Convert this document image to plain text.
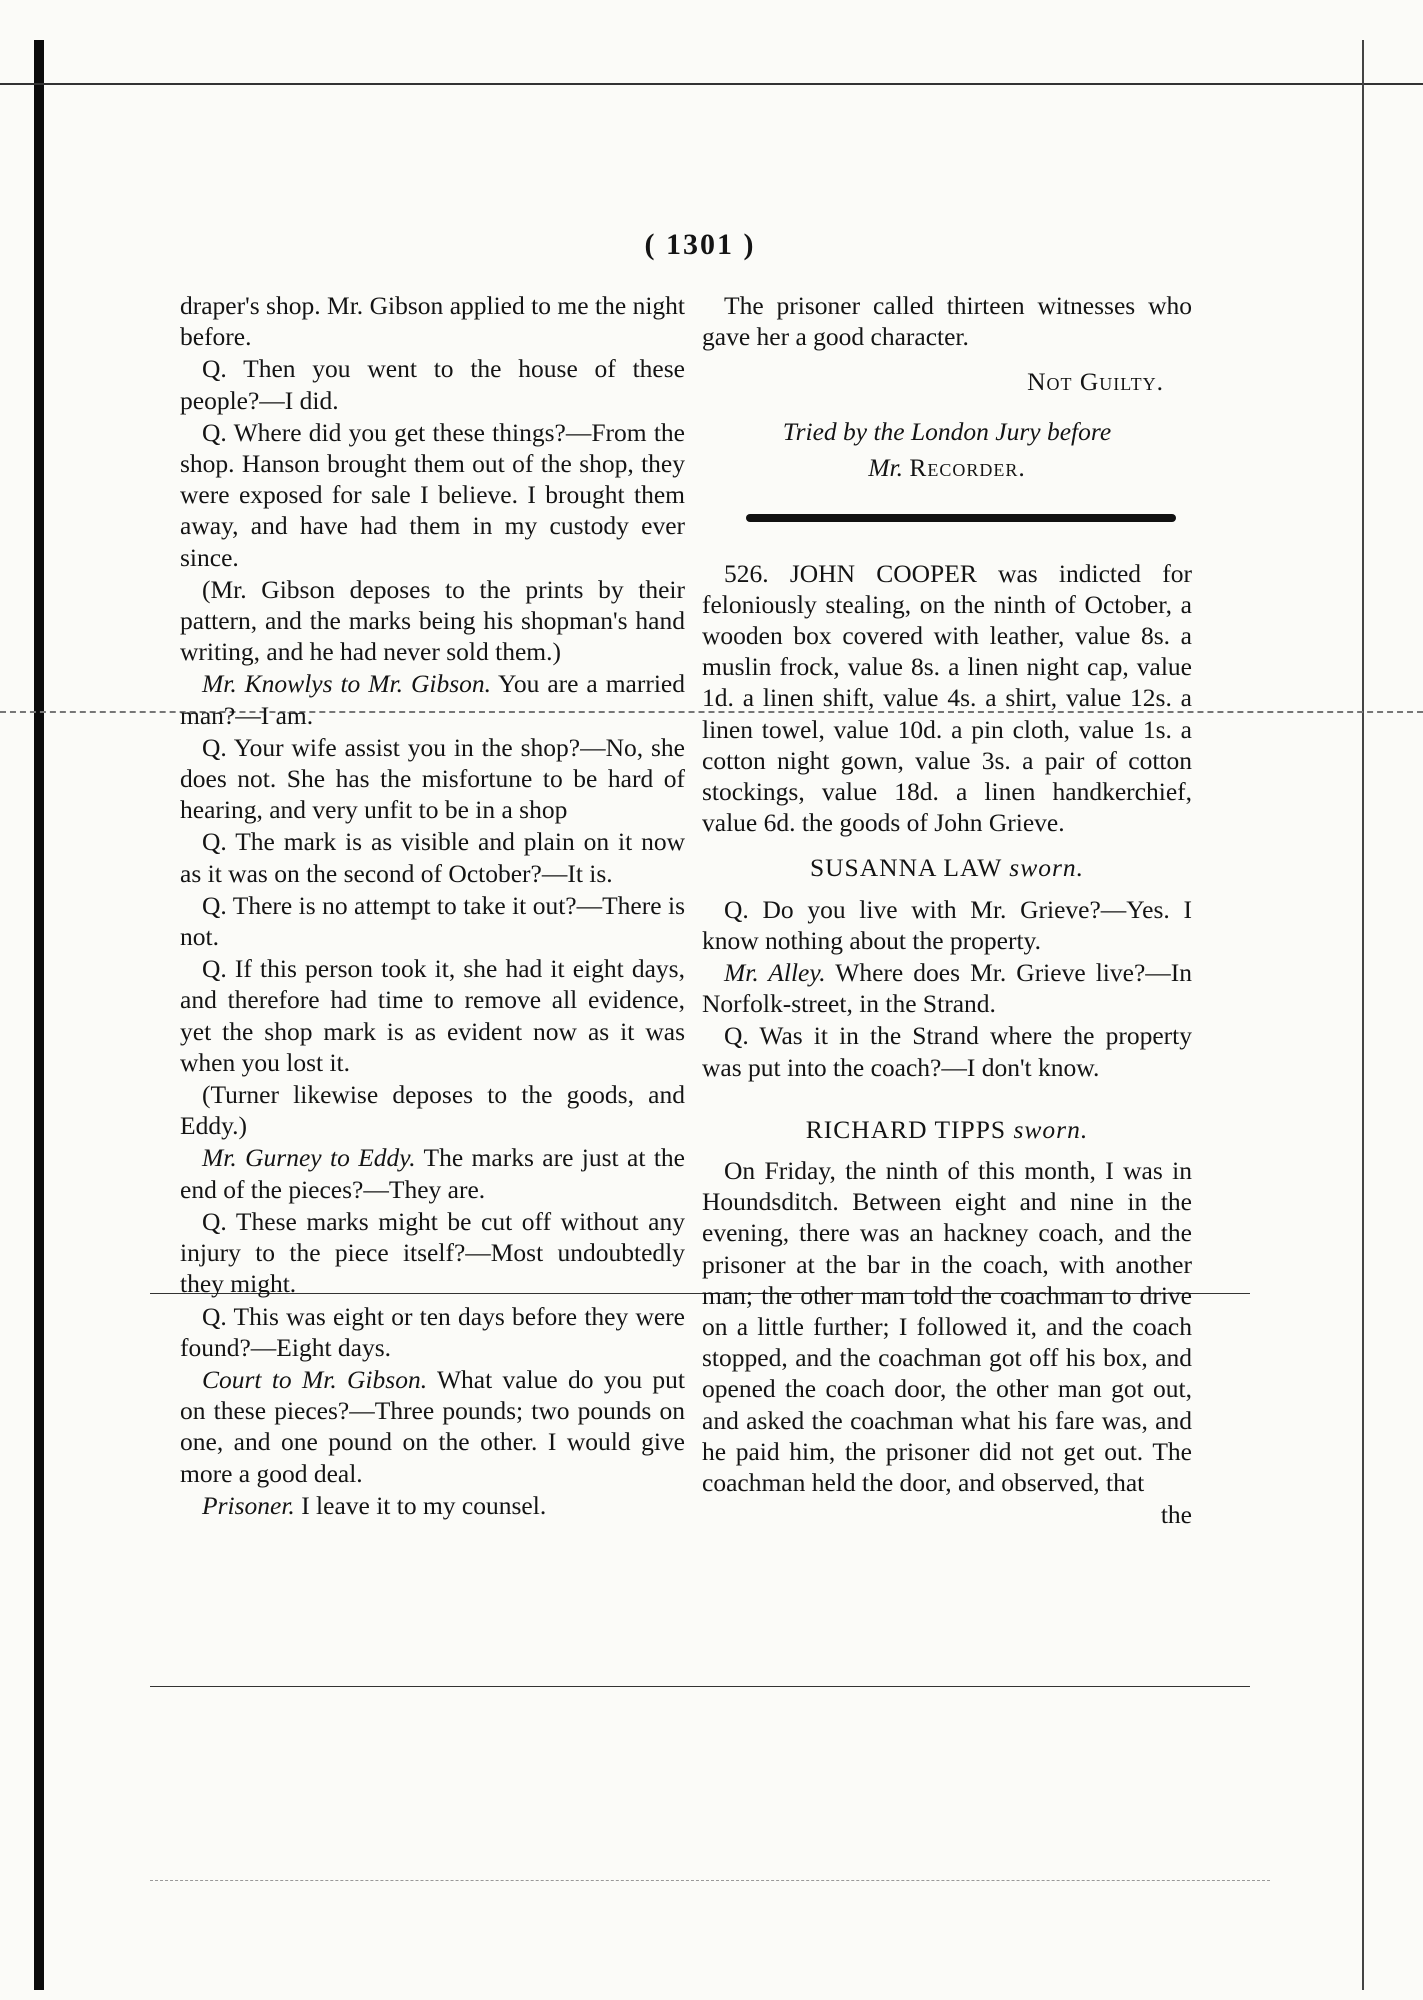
( 1301 )

draper's shop. Mr. Gibson applied to me the night before.

Q. Then you went to the house of these people?—I did.

Q. Where did you get these things?—From the shop. Hanson brought them out of the shop, they were exposed for sale I believe. I brought them away, and have had them in my custody ever since.

(Mr. Gibson deposes to the prints by their pattern, and the marks being his shopman's hand writing, and he had never sold them.)

Mr. Knowlys to Mr. Gibson. You are a married man?—I am.

Q. Your wife assist you in the shop?—No, she does not. She has the misfortune to be hard of hearing, and very unfit to be in a shop

Q. The mark is as visible and plain on it now as it was on the second of October?—It is.

Q. There is no attempt to take it out?—There is not.

Q. If this person took it, she had it eight days, and therefore had time to remove all evidence, yet the shop mark is as evident now as it was when you lost it.

(Turner likewise deposes to the goods, and Eddy.)

Mr. Gurney to Eddy. The marks are just at the end of the pieces?—They are.

Q. These marks might be cut off without any injury to the piece itself?—Most undoubtedly they might.

Q. This was eight or ten days before they were found?—Eight days.

Court to Mr. Gibson. What value do you put on these pieces?—Three pounds; two pounds on one, and one pound on the other. I would give more a good deal.

Prisoner. I leave it to my counsel.

The prisoner called thirteen witnesses who gave her a good character.

Not Guilty.
Tried by the London Jury before
Mr. Recorder.

526. JOHN COOPER was indicted for feloniously stealing, on the ninth of October, a wooden box covered with leather, value 8s. a muslin frock, value 8s. a linen night cap, value 1d. a linen shift, value 4s. a shirt, value 12s. a linen towel, value 10d. a pin cloth, value 1s. a cotton night gown, value 3s. a pair of cotton stockings, value 18d. a linen handkerchief, value 6d. the goods of John Grieve.

SUSANNA LAW sworn.

Q. Do you live with Mr. Grieve?—Yes. I know nothing about the property.

Mr. Alley. Where does Mr. Grieve live?—In Norfolk-street, in the Strand.

Q. Was it in the Strand where the property was put into the coach?—I don't know.

RICHARD TIPPS sworn.

On Friday, the ninth of this month, I was in Houndsditch. Between eight and nine in the evening, there was an hackney coach, and the prisoner at the bar in the coach, with another man; the other man told the coachman to drive on a little further; I followed it, and the coach stopped, and the coachman got off his box, and opened the coach door, the other man got out, and asked the coachman what his fare was, and he paid him, the prisoner did not get out. The coachman held the door, and observed, that

the
